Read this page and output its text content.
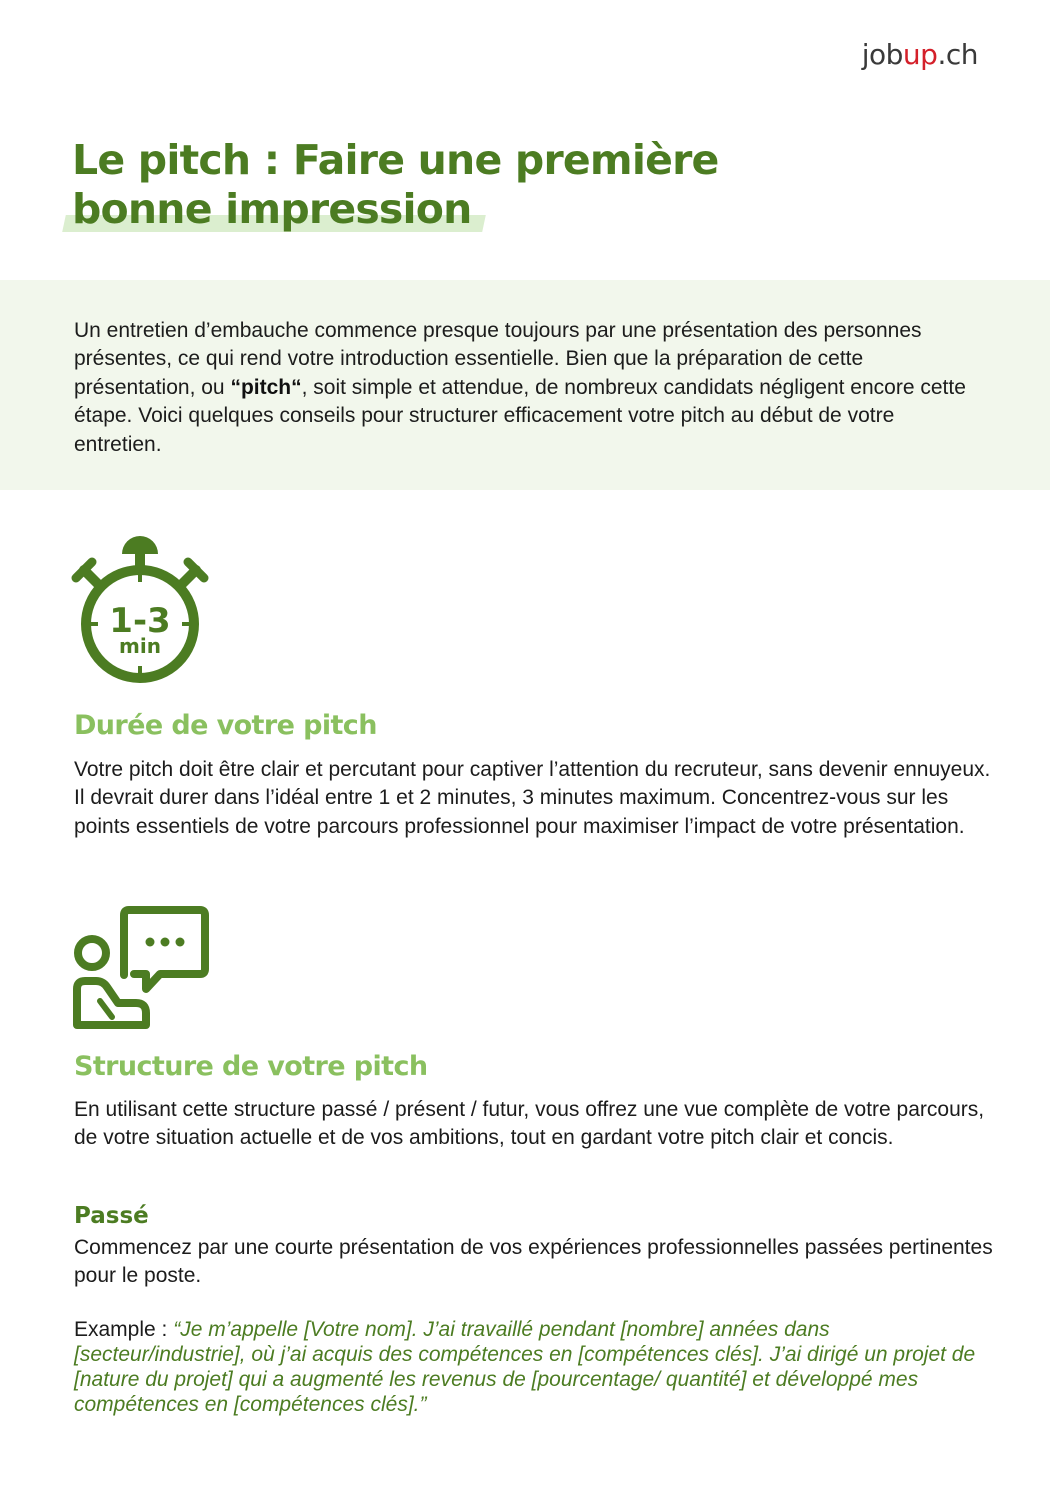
jobup.ch
Le pitch : Faire une première
bonne impression

Un entretien d’embauche commence presque toujours par une présentation des personnes présentes, ce qui rend votre introduction essentielle. Bien que la préparation de cette présentation, ou “pitch“, soit simple et attendue, de nombreux candidats négligent encore cette étape. Voici quelques conseils pour structurer efficacement votre pitch au début de votre entretien.

1-3
min
Durée de votre pitch

Votre pitch doit être clair et percutant pour captiver l’attention du recruteur, sans devenir ennuyeux. Il devrait durer dans l’idéal entre 1 et 2 minutes, 3 minutes maximum. Concentrez-vous sur les points essentiels de votre parcours professionnel pour maximiser l’impact de votre présentation.

Structure de votre pitch

En utilisant cette structure passé / présent / futur, vous offrez une vue complète de votre parcours, de votre situation actuelle et de vos ambitions, tout en gardant votre pitch clair et concis.

Passé

Commencez par une courte présentation de vos expériences professionnelles passées pertinentes pour le poste.

Example : “Je m’appelle [Votre nom]. J’ai travaillé pendant [nombre] années dans [secteur/industrie], où j’ai acquis des compétences en [compétences clés]. J’ai dirigé un projet de [nature du projet] qui a augmenté les revenus de [pourcentage/ quantité] et développé mes compétences en [compétences clés].”
